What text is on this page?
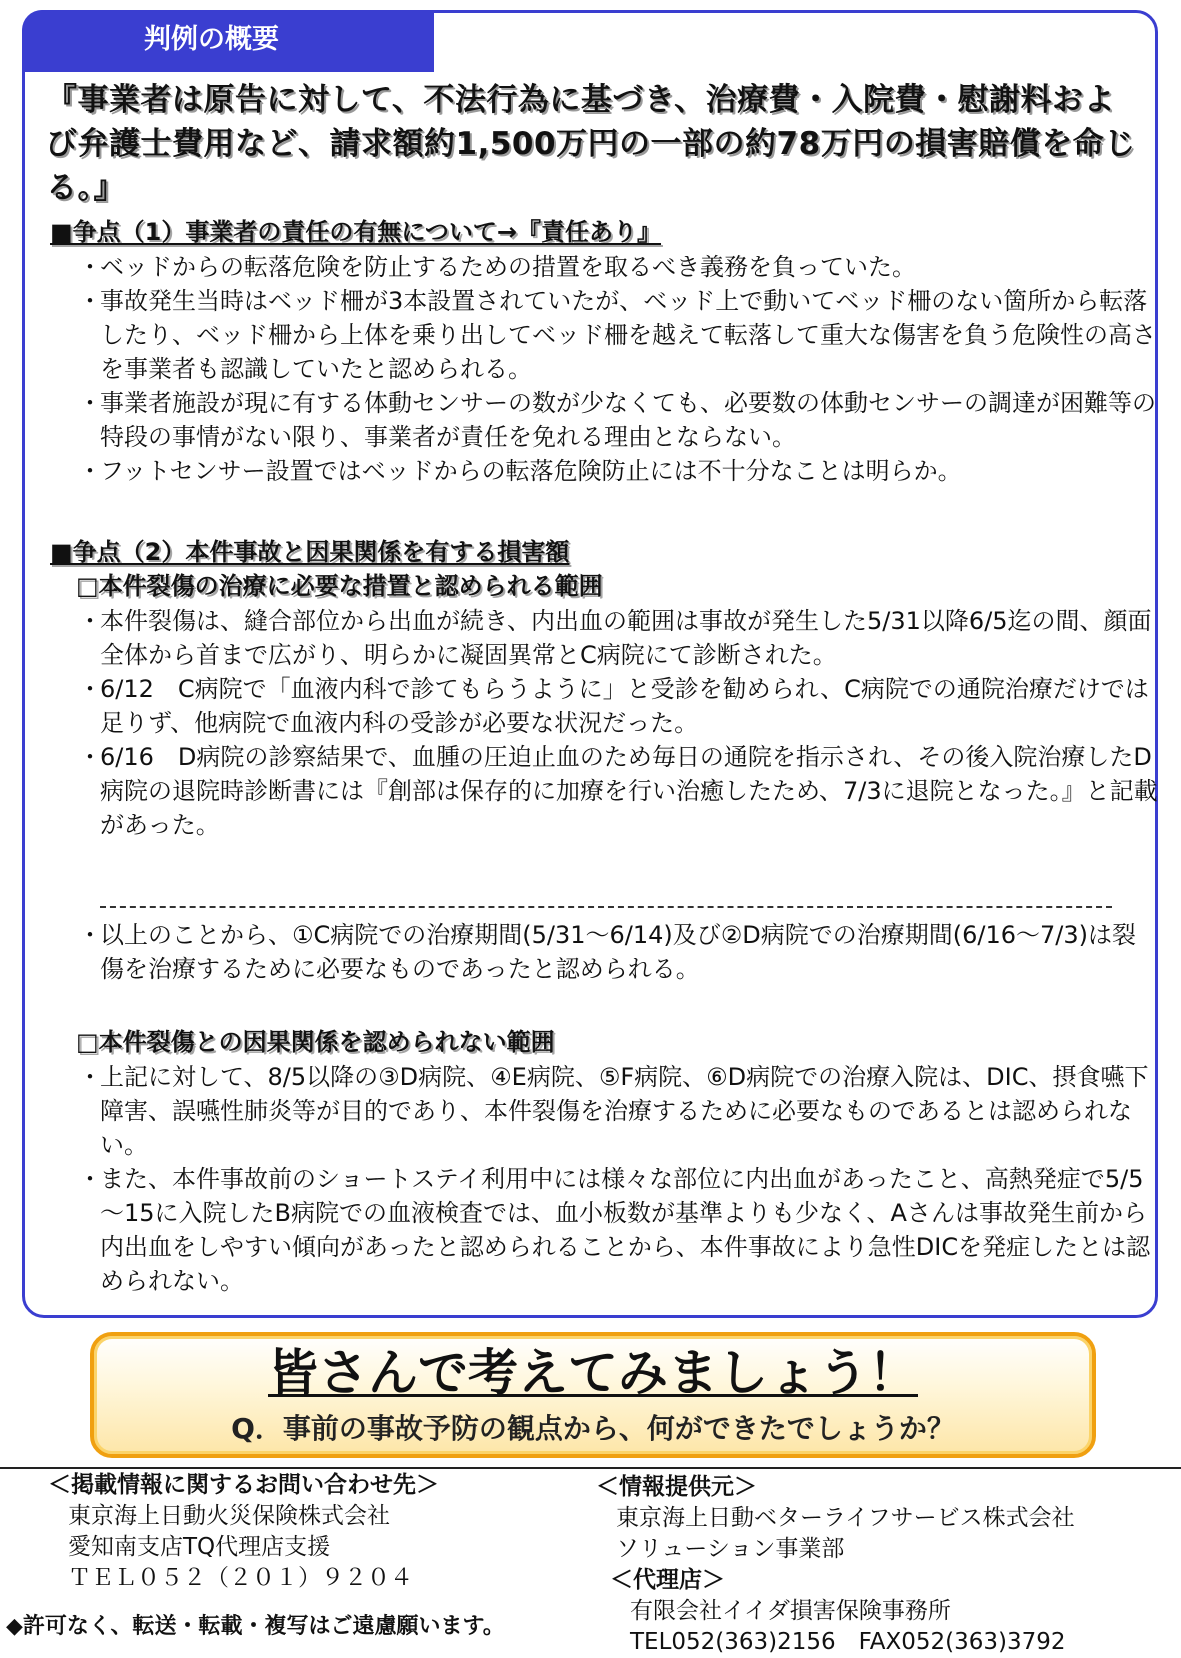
判例の概要
『事業者は原告に対して、不法行為に基づき、治療費・入院費・慰謝料および弁護士費用など、請求額約1,500万円の一部の約78万円の損害賠償を命じる。』
■争点（1）事業者の責任の有無について→『責任あり』
・
ベッドからの転落危険を防止するための措置を取るべき義務を負っていた。
・
事故発生当時はベッド柵が3本設置されていたが、ベッド上で動いてベッド柵のない箇所から転落したり、ベッド柵から上体を乗り出してベッド柵を越えて転落して重大な傷害を負う危険性の高さを事業者も認識していたと認められる。
・
事業者施設が現に有する体動センサーの数が少なくても、必要数の体動センサーの調達が困難等の特段の事情がない限り、事業者が責任を免れる理由とならない。
・
フットセンサー設置ではベッドからの転落危険防止には不十分なことは明らか。
■争点（2）本件事故と因果関係を有する損害額
□本件裂傷の治療に必要な措置と認められる範囲
・
本件裂傷は、縫合部位から出血が続き、内出血の範囲は事故が発生した5/31以降6/5迄の間、顔面全体から首まで広がり、明らかに凝固異常とC病院にて診断された。
・
6/12　C病院で「血液内科で診てもらうように」と受診を勧められ、C病院での通院治療だけでは足りず、他病院で血液内科の受診が必要な状況だった。
・
6/16　D病院の診察結果で、血腫の圧迫止血のため毎日の通院を指示され、その後入院治療したD病院の退院時診断書には『創部は保存的に加療を行い治癒したため、7/3に退院となった。』と記載があった。
・
以上のことから、①C病院での治療期間(5/31～6/14)及び②D病院での治療期間(6/16～7/3)は裂傷を治療するために必要なものであったと認められる。
□本件裂傷との因果関係を認められない範囲
・
上記に対して、8/5以降の③D病院、④E病院、⑤F病院、⑥D病院での治療入院は、DIC、摂食嚥下障害、誤嚥性肺炎等が目的であり、本件裂傷を治療するために必要なものであるとは認められない。
・
また、本件事故前のショートステイ利用中には様々な部位に内出血があったこと、高熱発症で5/5～15に入院したB病院での血液検査では、血小板数が基準よりも少なく、Aさんは事故発生前から内出血をしやすい傾向があったと認められることから、本件事故により急性DICを発症したとは認められない。
皆さんで考えてみましょう！
Q．事前の事故予防の観点から、何ができたでしょうか？
＜掲載情報に関するお問い合わせ先＞
東京海上日動火災保険株式会社
愛知南支店TQ代理店支援
ＴＥＬ０５２（２０１）９２０４
＜情報提供元＞
東京海上日動ベターライフサービス株式会社
ソリューション事業部
＜代理店＞
有限会社イイダ損害保険事務所
TEL052(363)2156　FAX052(363)3792
◆許可なく、転送・転載・複写はご遠慮願います。
